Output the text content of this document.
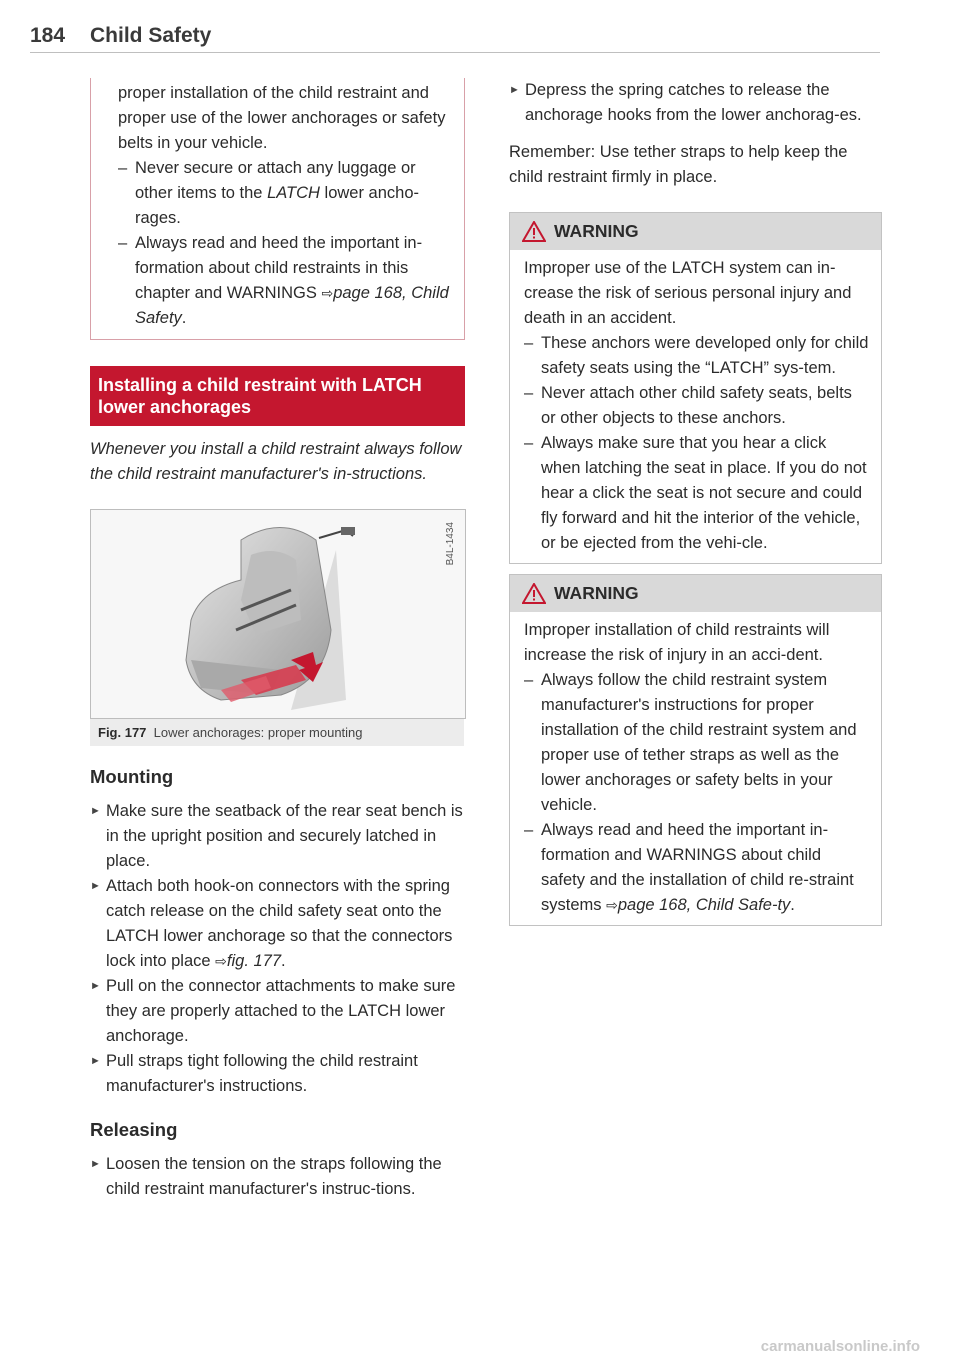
184 Child Safety

proper installation of the child restraint and proper use of the lower anchorages or safety belts in your vehicle.

– Never secure or attach any luggage or other items to the LATCH lower ancho-rages.

– Always read and heed the important in-formation about child restraints in this chapter and WARNINGS ⇨page 168, Child Safety.

Installing a child restraint with LATCH lower anchorages

Whenever you install a child restraint always follow the child restraint manufacturer's in-structions.

B4L-1434
Fig. 177 Lower anchorages: proper mounting
Mounting

► Make sure the seatback of the rear seat bench is in the upright position and securely latched in place.

► Attach both hook-on connectors with the spring catch release on the child safety seat onto the LATCH lower anchorage so that the connectors lock into place ⇨fig. 177.

► Pull on the connector attachments to make sure they are properly attached to the LATCH lower anchorage.

► Pull straps tight following the child restraint manufacturer's instructions.

Releasing

► Loosen the tension on the straps following the child restraint manufacturer's instruc-tions.

► Depress the spring catches to release the anchorage hooks from the lower anchorag-es.

Remember: Use tether straps to help keep the child restraint firmly in place.

WARNING

Improper use of the LATCH system can in-crease the risk of serious personal injury and death in an accident.

– These anchors were developed only for child safety seats using the “LATCH” sys-tem.

– Never attach other child safety seats, belts or other objects to these anchors.

– Always make sure that you hear a click when latching the seat in place. If you do not hear a click the seat is not secure and could fly forward and hit the interior of the vehicle, or be ejected from the vehi-cle.

WARNING

Improper installation of child restraints will increase the risk of injury in an acci-dent.

– Always follow the child restraint system manufacturer's instructions for proper installation of the child restraint system and proper use of tether straps as well as the lower anchorages or safety belts in your vehicle.

– Always read and heed the important in-formation and WARNINGS about child safety and the installation of child re-straint systems ⇨page 168, Child Safe-ty.

carmanualsonline.info
